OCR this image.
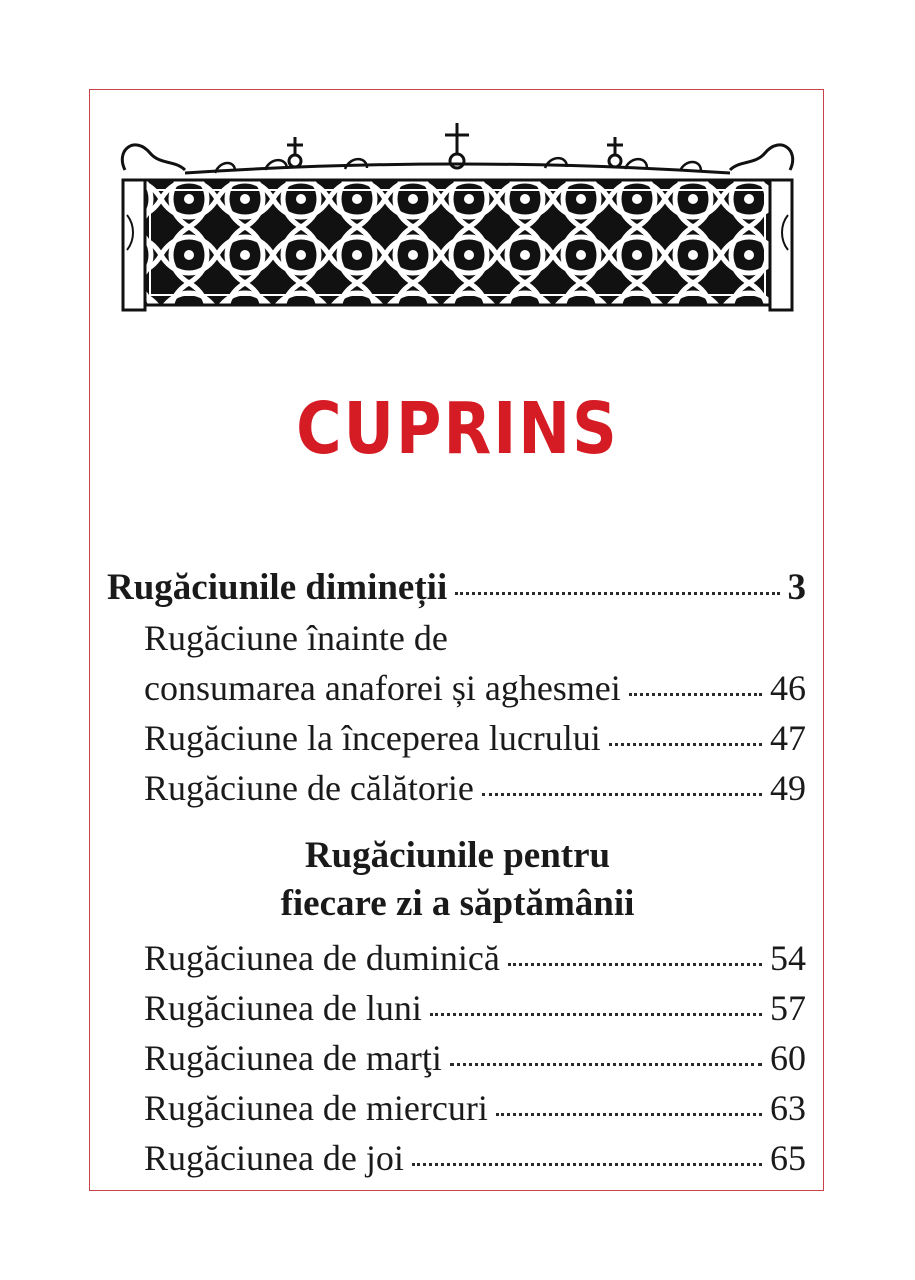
CUPRINS
Rugăciunile dimineții	3
Rugăciune înainte de
consumarea anaforei și aghesmei	46
Rugăciune la începerea lucrului	47
Rugăciune de călătorie	49
Rugăciunile pentru
fiecare zi a săptămânii
Rugăciunea de duminică	54
Rugăciunea de luni	57
Rugăciunea de marţi	60
Rugăciunea de miercuri	63
Rugăciunea de joi	65
